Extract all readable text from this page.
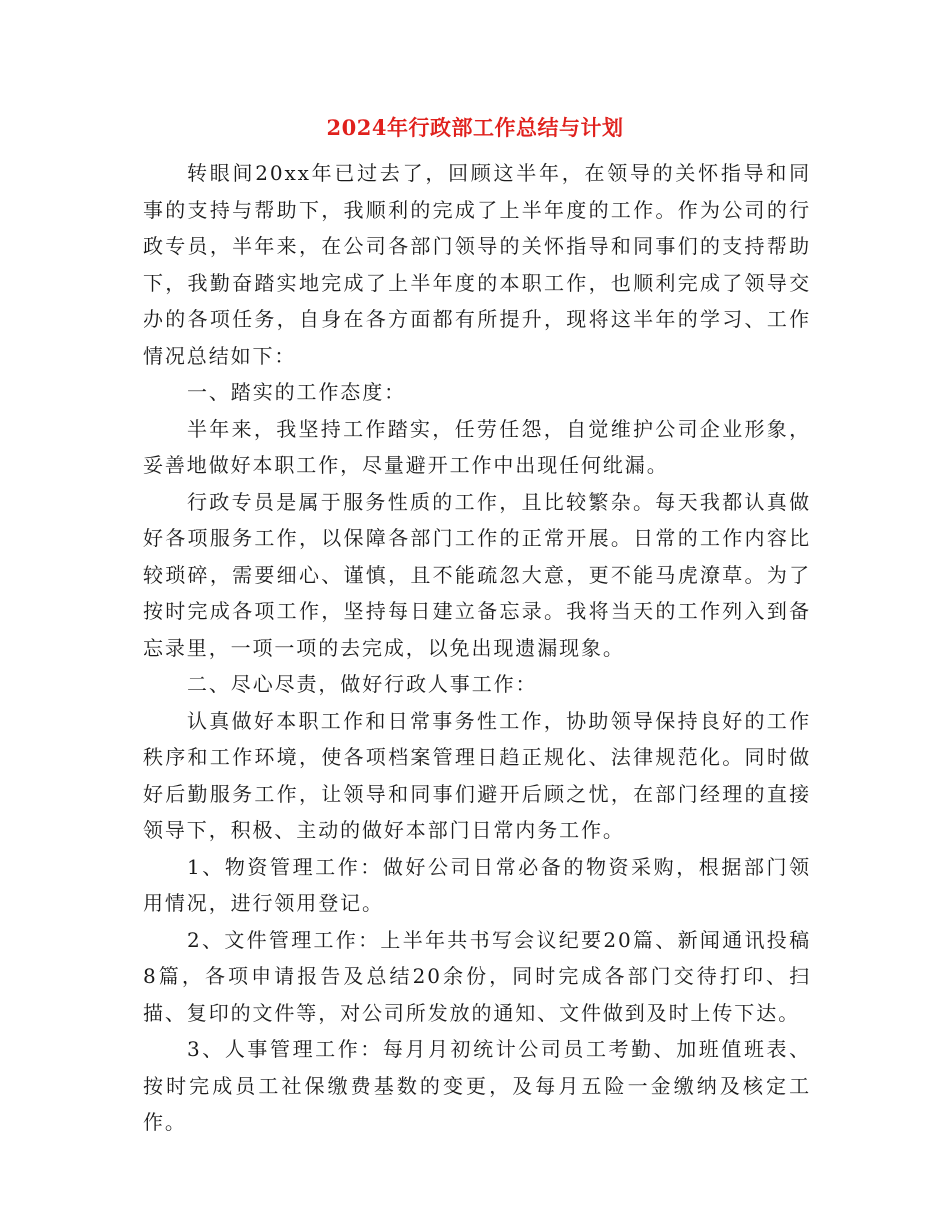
2024年行政部工作总结与计划

转眼间20xx年已过去了，回顾这半年，在领导的关怀指导和同事的支持与帮助下，我顺利的完成了上半年度的工作。作为公司的行政专员，半年来，在公司各部门领导的关怀指导和同事们的支持帮助下，我勤奋踏实地完成了上半年度的本职工作，也顺利完成了领导交办的各项任务，自身在各方面都有所提升，现将这半年的学习、工作情况总结如下：

一、踏实的工作态度：

半年来，我坚持工作踏实，任劳任怨，自觉维护公司企业形象，妥善地做好本职工作，尽量避开工作中出现任何纰漏。

行政专员是属于服务性质的工作，且比较繁杂。每天我都认真做好各项服务工作，以保障各部门工作的正常开展。日常的工作内容比较琐碎，需要细心、谨慎，且不能疏忽大意，更不能马虎潦草。为了按时完成各项工作，坚持每日建立备忘录。我将当天的工作列入到备忘录里，一项一项的去完成，以免出现遗漏现象。

二、尽心尽责，做好行政人事工作：

认真做好本职工作和日常事务性工作，协助领导保持良好的工作秩序和工作环境，使各项档案管理日趋正规化、法律规范化。同时做好后勤服务工作，让领导和同事们避开后顾之忧，在部门经理的直接领导下，积极、主动的做好本部门日常内务工作。

1、物资管理工作：做好公司日常必备的物资采购，根据部门领用情况，进行领用登记。

2、文件管理工作：上半年共书写会议纪要20篇、新闻通讯投稿8篇，各项申请报告及总结20余份，同时完成各部门交待打印、扫描、复印的文件等，对公司所发放的通知、文件做到及时上传下达。

3、人事管理工作：每月月初统计公司员工考勤、加班值班表、按时完成员工社保缴费基数的变更，及每月五险一金缴纳及核定工作。
